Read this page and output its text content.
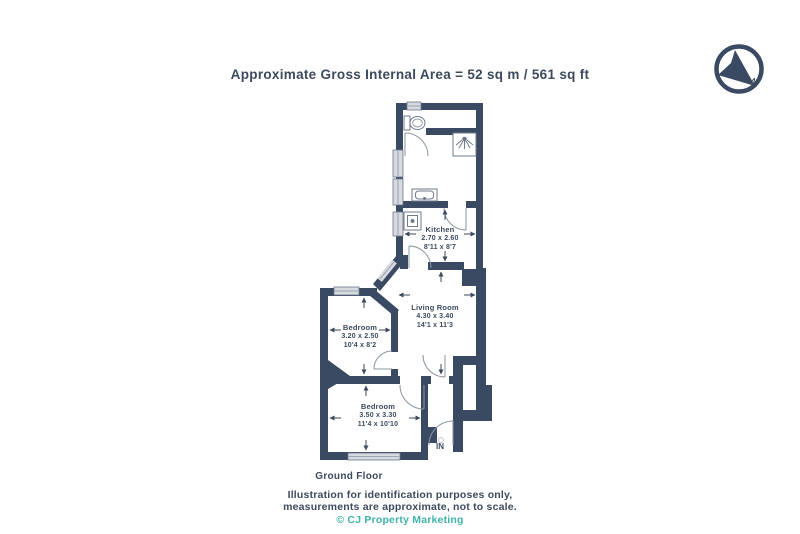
Approximate Gross Internal Area = 52 sq m / 561 sq ft
Kitchen
2.70 x 2.60
8'11 x 8'7
Living Room
4.30 x 3.40
14'1 x 11'3
Bedroom
3.20 x 2.50
10'4 x 8'2
Bedroom
3.50 x 3.30
11'4 x 10'10
IN
Ground Floor
Illustration for identification purposes only,
measurements are approximate, not to scale.
© CJ Property Marketing
N
